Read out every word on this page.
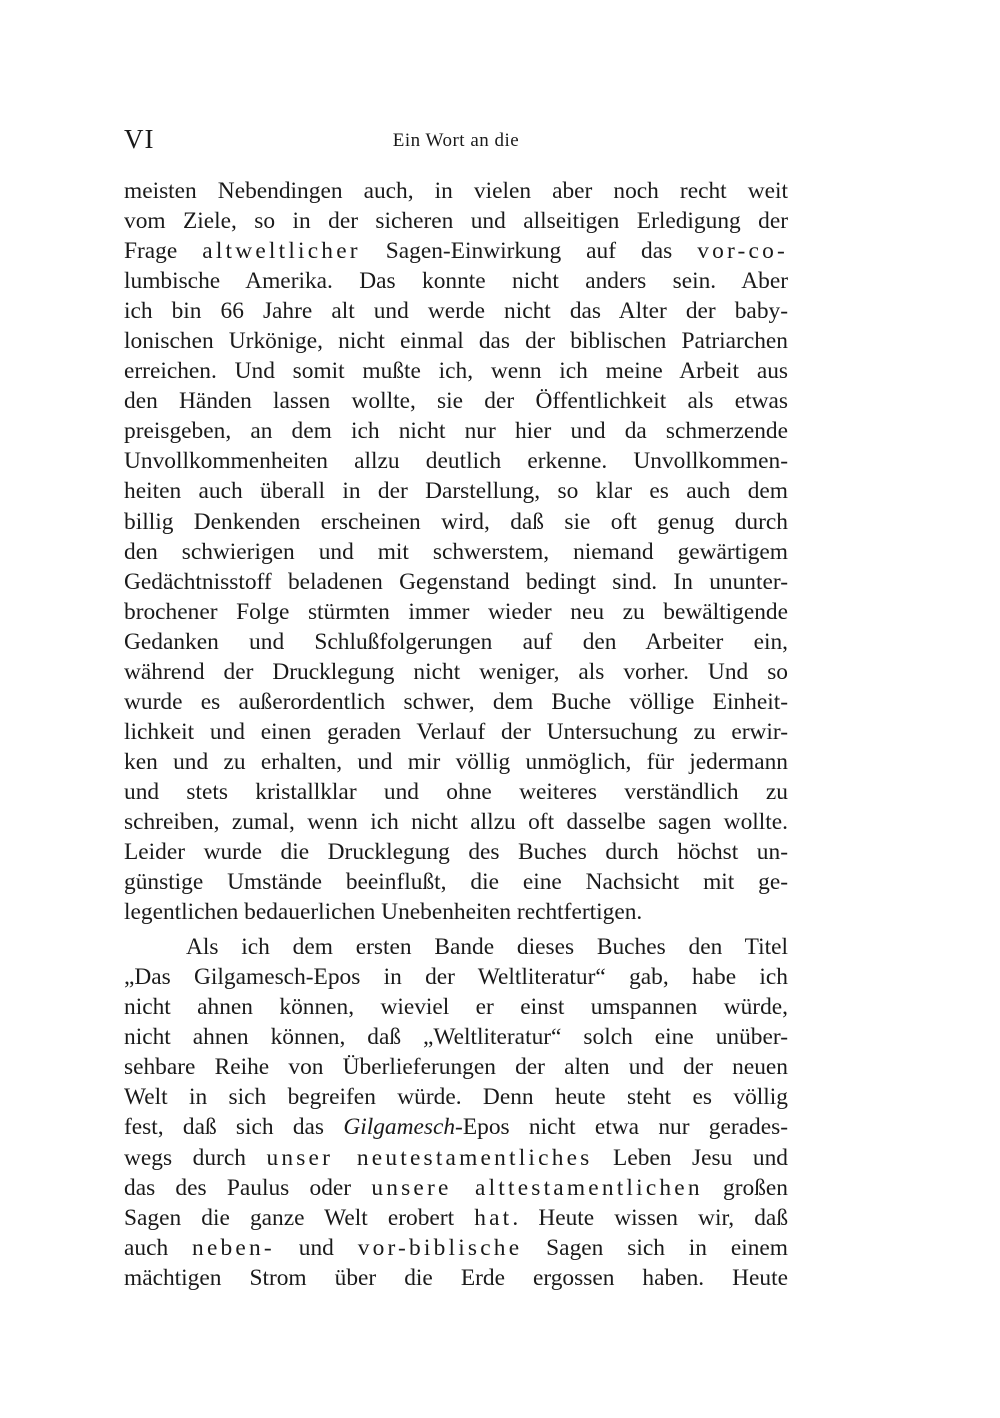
VI	Ein Wort an die
meisten Nebendingen auch, in vielen aber noch recht weit
vom Ziele, so in der sicheren und allseitigen Erledigung der
Frage altweltlicher Sagen-Einwirkung auf das vor-co-
lumbische Amerika. Das konnte nicht anders sein. Aber
ich bin 66 Jahre alt und werde nicht das Alter der baby-
lonischen Urkönige, nicht einmal das der biblischen Patriarchen
erreichen. Und somit mußte ich, wenn ich meine Arbeit aus
den Händen lassen wollte, sie der Öffentlichkeit als etwas
preisgeben, an dem ich nicht nur hier und da schmerzende
Unvollkommenheiten allzu deutlich erkenne. Unvollkommen-
heiten auch überall in der Darstellung, so klar es auch dem
billig Denkenden erscheinen wird, daß sie oft genug durch
den schwierigen und mit schwerstem, niemand gewärtigem
Gedächtnisstoff beladenen Gegenstand bedingt sind. In ununter-
brochener Folge stürmten immer wieder neu zu bewältigende
Gedanken und Schlußfolgerungen auf den Arbeiter ein,
während der Drucklegung nicht weniger, als vorher. Und so
wurde es außerordentlich schwer, dem Buche völlige Einheit-
lichkeit und einen geraden Verlauf der Untersuchung zu erwir-
ken und zu erhalten, und mir völlig unmöglich, für jedermann
und stets kristallklar und ohne weiteres verständlich zu
schreiben, zumal, wenn ich nicht allzu oft dasselbe sagen wollte.
Leider wurde die Drucklegung des Buches durch höchst un-
günstige Umstände beeinflußt, die eine Nachsicht mit ge-
legentlichen bedauerlichen Unebenheiten rechtfertigen.
Als ich dem ersten Bande dieses Buches den Titel
„Das Gilgamesch-Epos in der Weltliteratur“ gab, habe ich
nicht ahnen können, wieviel er einst umspannen würde,
nicht ahnen können, daß „Weltliteratur“ solch eine unüber-
sehbare Reihe von Überlieferungen der alten und der neuen
Welt in sich begreifen würde. Denn heute steht es völlig
fest, daß sich das Gilgamesch-Epos nicht etwa nur gerades-
wegs durch unser neutestamentliches Leben Jesu und
das des Paulus oder unsere alttestamentlichen großen
Sagen die ganze Welt erobert hat. Heute wissen wir, daß
auch neben- und vor-biblische Sagen sich in einem
mächtigen Strom über die Erde ergossen haben. Heute
